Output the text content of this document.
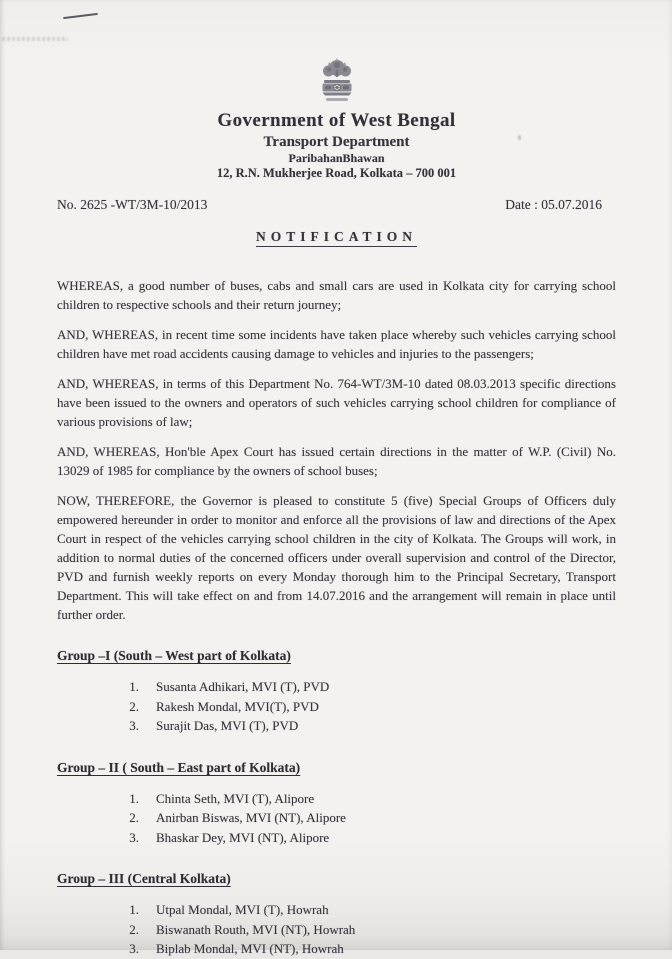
Government of West Bengal
Transport Department
ParibahanBhawan
12, R.N. Mukherjee Road, Kolkata – 700 001
No. 2625 -WT/3M-10/2013	Date : 05.07.2016
NOTIFICATION

WHEREAS, a good number of buses, cabs and small cars are used in Kolkata city for carrying school children to respective schools and their return journey;

AND, WHEREAS, in recent time some incidents have taken place whereby such vehicles carrying school children have met road accidents causing damage to vehicles and injuries to the passengers;

AND, WHEREAS, in terms of this Department No. 764-WT/3M-10 dated 08.03.2013 specific directions have been issued to the owners and operators of such vehicles carrying school children for compliance of various provisions of law;

AND, WHEREAS, Hon'ble Apex Court has issued certain directions in the matter of W.P. (Civil) No. 13029 of 1985 for compliance by the owners of school buses;

NOW, THEREFORE, the Governor is pleased to constitute 5 (five) Special Groups of Officers duly empowered hereunder in order to monitor and enforce all the provisions of law and directions of the Apex Court in respect of the vehicles carrying school children in the city of Kolkata. The Groups will work, in addition to normal duties of the concerned officers under overall supervision and control of the Director, PVD and furnish weekly reports on every Monday thorough him to the Principal Secretary, Transport Department. This will take effect on and from 14.07.2016 and the arrangement will remain in place until further order.

Group –I (South – West part of Kolkata)
1. Susanta Adhikari, MVI (T), PVD
2. Rakesh Mondal, MVI(T), PVD
3. Surajit Das, MVI (T), PVD
Group – II ( South – East part of Kolkata)
1. Chinta Seth, MVI (T), Alipore
2. Anirban Biswas, MVI (NT), Alipore
3. Bhaskar Dey, MVI (NT), Alipore
Group – III (Central Kolkata)
1. Utpal Mondal, MVI (T), Howrah
2. Biswanath Routh, MVI (NT), Howrah
3. Biplab Mondal, MVI (NT), Howrah
